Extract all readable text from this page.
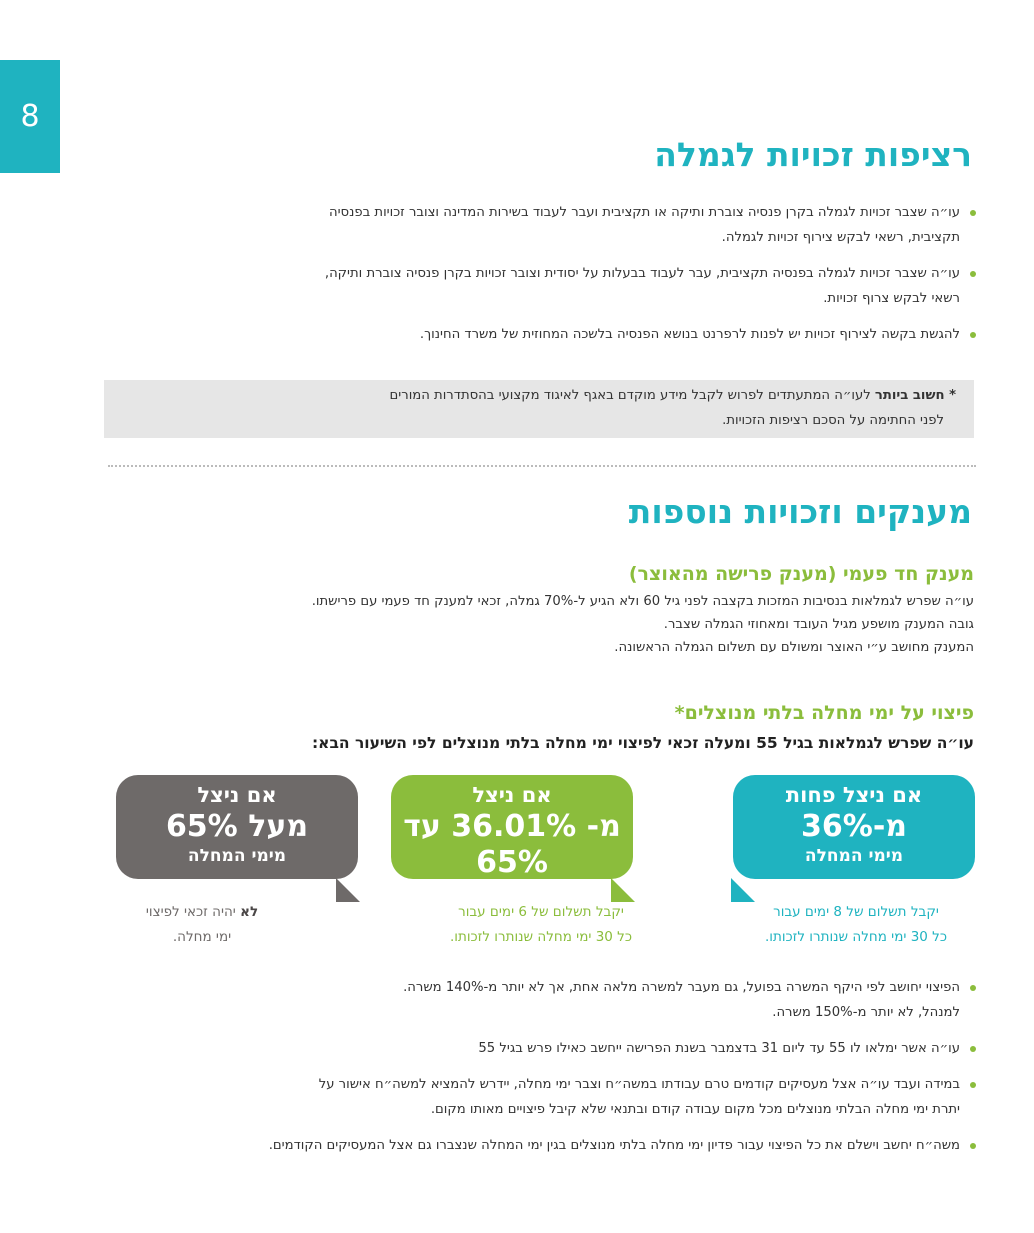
8
רציפות זכויות לגמלה
עו״ה שצבר זכויות לגמלה בקרן פנסיה צוברת ותיקה או תקציבית ועבר לעבוד בשירות המדינה וצובר זכויות בפנסיה
תקציבית, רשאי לבקש צירוף זכויות לגמלה.
עו״ה שצבר זכויות לגמלה בפנסיה תקציבית, עבר לעבוד בבעלות על יסודית וצובר זכויות בקרן פנסיה צוברת ותיקה,
רשאי לבקש צרוף זכויות.
להגשת בקשה לצירוף זכויות יש לפנות לרפרנט בנושא הפנסיה בלשכה המחוזית של משרד החינוך.
* חשוב ביותר לעו״ה המתעתדים לפרוש לקבל מידע מוקדם באגף לאיגוד מקצועי בהסתדרות המורים
לפני החתימה על הסכם רציפות הזכויות.
מענקים וזכויות נוספות
מענק חד פעמי (מענק פרישה מהאוצר)
עו״ה שפרש לגמלאות בנסיבות המזכות בקצבה לפני גיל 60 ולא הגיע ל-70% גמלה, זכאי למענק חד פעמי עם פרישתו.
גובה המענק מושפע מגיל העובד ומאחוזי הגמלה שצבר.
המענק מחושב ע״י האוצר ומשולם עם תשלום הגמלה הראשונה.
פיצוי על ימי מחלה בלתי מנוצלים*
עו״ה שפרש לגמלאות בגיל 55 ומעלה זכאי לפיצוי ימי מחלה בלתי מנוצלים לפי השיעור הבא:
אם ניצל פחות
מ-36%
מימי המחלה
אם ניצל
מ- 36.01% עד 65%
מימי המחלה
אם ניצל
מעל 65%
מימי המחלה
יקבל תשלום של 8 ימים עבור
כל 30 ימי מחלה שנותרו לזכותו.
יקבל תשלום של 6 ימים עבור
כל 30 ימי מחלה שנותרו לזכותו.
לא יהיה זכאי לפיצוי
ימי מחלה.
הפיצוי יחושב לפי היקף המשרה בפועל, גם מעבר למשרה מלאה אחת, אך לא יותר מ-140% משרה.
למנהל, לא יותר מ-150% משרה.
עו״ה אשר ימלאו לו 55 עד ליום 31 בדצמבר בשנת הפרישה ייחשב כאילו פרש בגיל 55
במידה ועבד עו״ה אצל מעסיקים קודמים טרם עבודתו במשה״ח וצבר ימי מחלה, יידרש להמציא למשה״ח אישור על
יתרת ימי מחלה הבלתי מנוצלים מכל מקום עבודה קודם ובתנאי שלא קיבל פיצויים מאותו מקום.
משה״ח יחשב וישלם את כל הפיצוי עבור פדיון ימי מחלה בלתי מנוצלים בגין ימי המחלה שנצברו גם אצל המעסיקים הקודמים.
